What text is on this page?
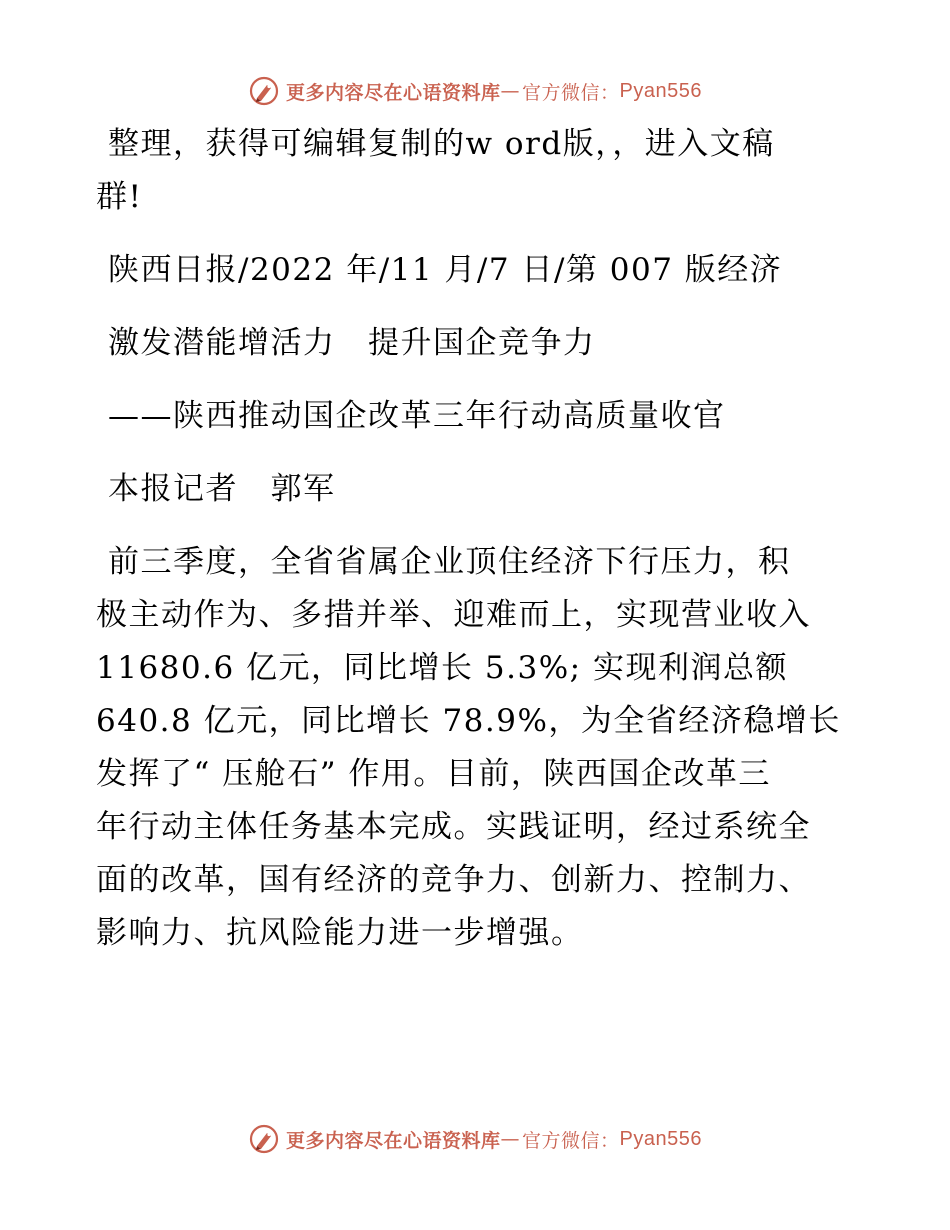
更多内容尽在心语资料库 — 官方微信： Pyan556
整理，获得可编辑复制的w ord版，，进入文稿
群!
陕西日报/2022 年/11 月/7 日/第 007 版经济
激发潜能增活力　提升国企竞争力
——陕西推动国企改革三年行动高质量收官
本报记者　郭军
前三季度，全省省属企业顶住经济下行压力，积
极主动作为、多措并举、迎难而上，实现营业收入
11680.6 亿元，同比增长 5.3%; 实现利润总额
640.8 亿元，同比增长 78.9%，为全省经济稳增长
发挥了“ 压舱石” 作用。目前，陕西国企改革三
年行动主体任务基本完成。实践证明，经过系统全
面的改革，国有经济的竞争力、创新力、控制力、
影响力、抗风险能力进一步增强。
更多内容尽在心语资料库 — 官方微信： Pyan556
